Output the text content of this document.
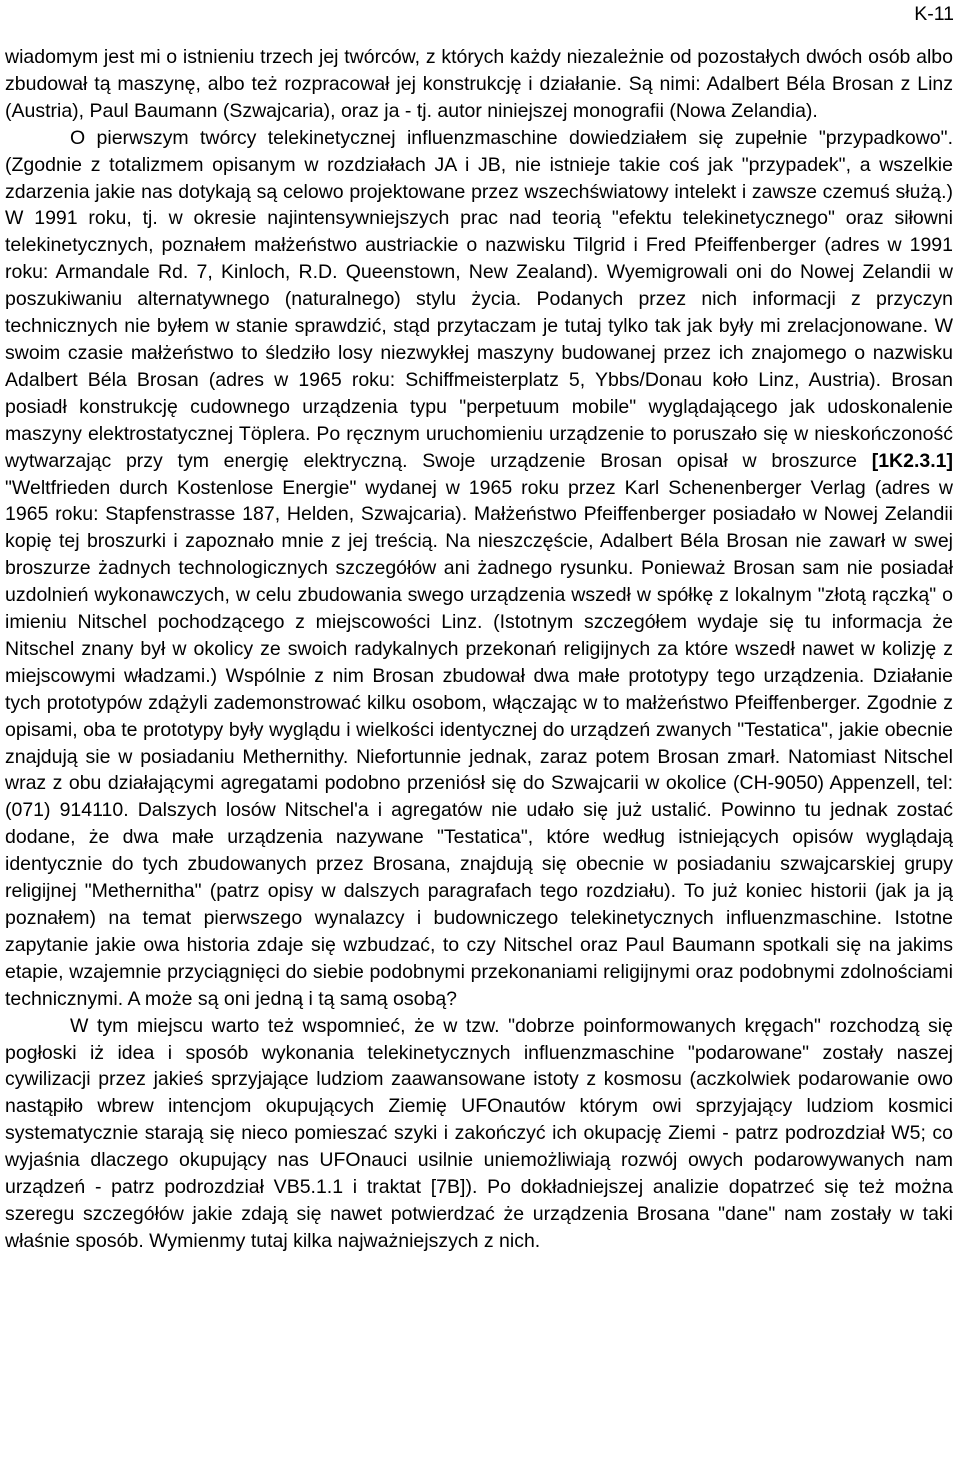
K-11

wiadomym jest mi o istnieniu trzech jej twórców, z których każdy niezależnie od pozostałych dwóch osób albo zbudował tą maszynę, albo też rozpracował jej konstrukcję i działanie. Są nimi: Adalbert Béla Brosan z Linz (Austria), Paul Baumann (Szwajcaria), oraz ja - tj. autor niniejszej monografii (Nowa Zelandia).

O pierwszym twórcy telekinetycznej influenzmaschine dowiedziałem się zupełnie "przypadkowo". (Zgodnie z totalizmem opisanym w rozdziałach JA i JB, nie istnieje takie coś jak "przypadek", a wszelkie zdarzenia jakie nas dotykają są celowo projektowane przez wszechświatowy intelekt i zawsze czemuś służą.) W 1991 roku, tj. w okresie najintensywniejszych prac nad teorią "efektu telekinetycznego" oraz siłowni telekinetycznych, poznałem małżeństwo austriackie o nazwisku Tilgrid i Fred Pfeiffenberger (adres w 1991 roku: Armandale Rd. 7, Kinloch, R.D. Queenstown, New Zealand). Wyemigrowali oni do Nowej Zelandii w poszukiwaniu alternatywnego (naturalnego) stylu życia. Podanych przez nich informacji z przyczyn technicznych nie byłem w stanie sprawdzić, stąd przytaczam je tutaj tylko tak jak były mi zrelacjonowane. W swoim czasie małżeństwo to śledziło losy niezwykłej maszyny budowanej przez ich znajomego o nazwisku Adalbert Béla Brosan (adres w 1965 roku: Schiffmeisterplatz 5, Ybbs/Donau koło Linz, Austria). Brosan posiadł konstrukcję cudownego urządzenia typu "perpetuum mobile" wyglądającego jak udoskonalenie maszyny elektrostatycznej Töplera. Po ręcznym uruchomieniu urządzenie to poruszało się w nieskończoność wytwarzając przy tym energię elektryczną. Swoje urządzenie Brosan opisał w broszurce [1K2.3.1] "Weltfrieden durch Kostenlose Energie" wydanej w 1965 roku przez Karl Schenenberger Verlag (adres w 1965 roku: Stapfenstrasse 187, Helden, Szwajcaria). Małżeństwo Pfeiffenberger posiadało w Nowej Zelandii kopię tej broszurki i zapoznało mnie z jej treścią. Na nieszczęście, Adalbert Béla Brosan nie zawarł w swej broszurze żadnych technologicznych szczegółów ani żadnego rysunku. Ponieważ Brosan sam nie posiadał uzdolnień wykonawczych, w celu zbudowania swego urządzenia wszedł w spółkę z lokalnym "złotą rączką" o imieniu Nitschel pochodzącego z miejscowości Linz. (Istotnym szczegółem wydaje się tu informacja że Nitschel znany był w okolicy ze swoich radykalnych przekonań religijnych za które wszedł nawet w kolizję z miejscowymi władzami.) Wspólnie z nim Brosan zbudował dwa małe prototypy tego urządzenia. Działanie tych prototypów zdążyli zademonstrować kilku osobom, włączając w to małżeństwo Pfeiffenberger. Zgodnie z opisami, oba te prototypy były wyglądu i wielkości identycznej do urządzeń zwanych "Testatica", jakie obecnie znajdują sie w posiadaniu Methernithy. Niefortunnie jednak, zaraz potem Brosan zmarł. Natomiast Nitschel wraz z obu działającymi agregatami podobno przeniósł się do Szwajcarii w okolice (CH-9050) Appenzell, tel: (071) 914110. Dalszych losów Nitschel'a i agregatów nie udało się już ustalić. Powinno tu jednak zostać dodane, że dwa małe urządzenia nazywane "Testatica", które według istniejących opisów wyglądają identycznie do tych zbudowanych przez Brosana, znajdują się obecnie w posiadaniu szwajcarskiej grupy religijnej "Methernitha" (patrz opisy w dalszych paragrafach tego rozdziału). To już koniec historii (jak ja ją poznałem) na temat pierwszego wynalazcy i budowniczego telekinetycznych influenzmaschine. Istotne zapytanie jakie owa historia zdaje się wzbudzać, to czy Nitschel oraz Paul Baumann spotkali się na jakims etapie, wzajemnie przyciągnięci do siebie podobnymi przekonaniami religijnymi oraz podobnymi zdolnościami technicznymi. A może są oni jedną i tą samą osobą?

W tym miejscu warto też wspomnieć, że w tzw. "dobrze poinformowanych kręgach" rozchodzą się pogłoski iż idea i sposób wykonania telekinetycznych influenzmaschine "podarowane" zostały naszej cywilizacji przez jakieś sprzyjające ludziom zaawansowane istoty z kosmosu (aczkolwiek podarowanie owo nastąpiło wbrew intencjom okupujących Ziemię UFOnautów którym owi sprzyjający ludziom kosmici systematycznie starają się nieco pomieszać szyki i zakończyć ich okupację Ziemi - patrz podrozdział W5; co wyjaśnia dlaczego okupujący nas UFOnauci usilnie uniemożliwiają rozwój owych podarowywanych nam urządzeń - patrz podrozdział VB5.1.1 i traktat [7B]). Po dokładniejszej analizie dopatrzeć się też można szeregu szczegółów jakie zdają się nawet potwierdzać że urządzenia Brosana "dane" nam zostały w taki właśnie sposób. Wymienmy tutaj kilka najważniejszych z nich.
